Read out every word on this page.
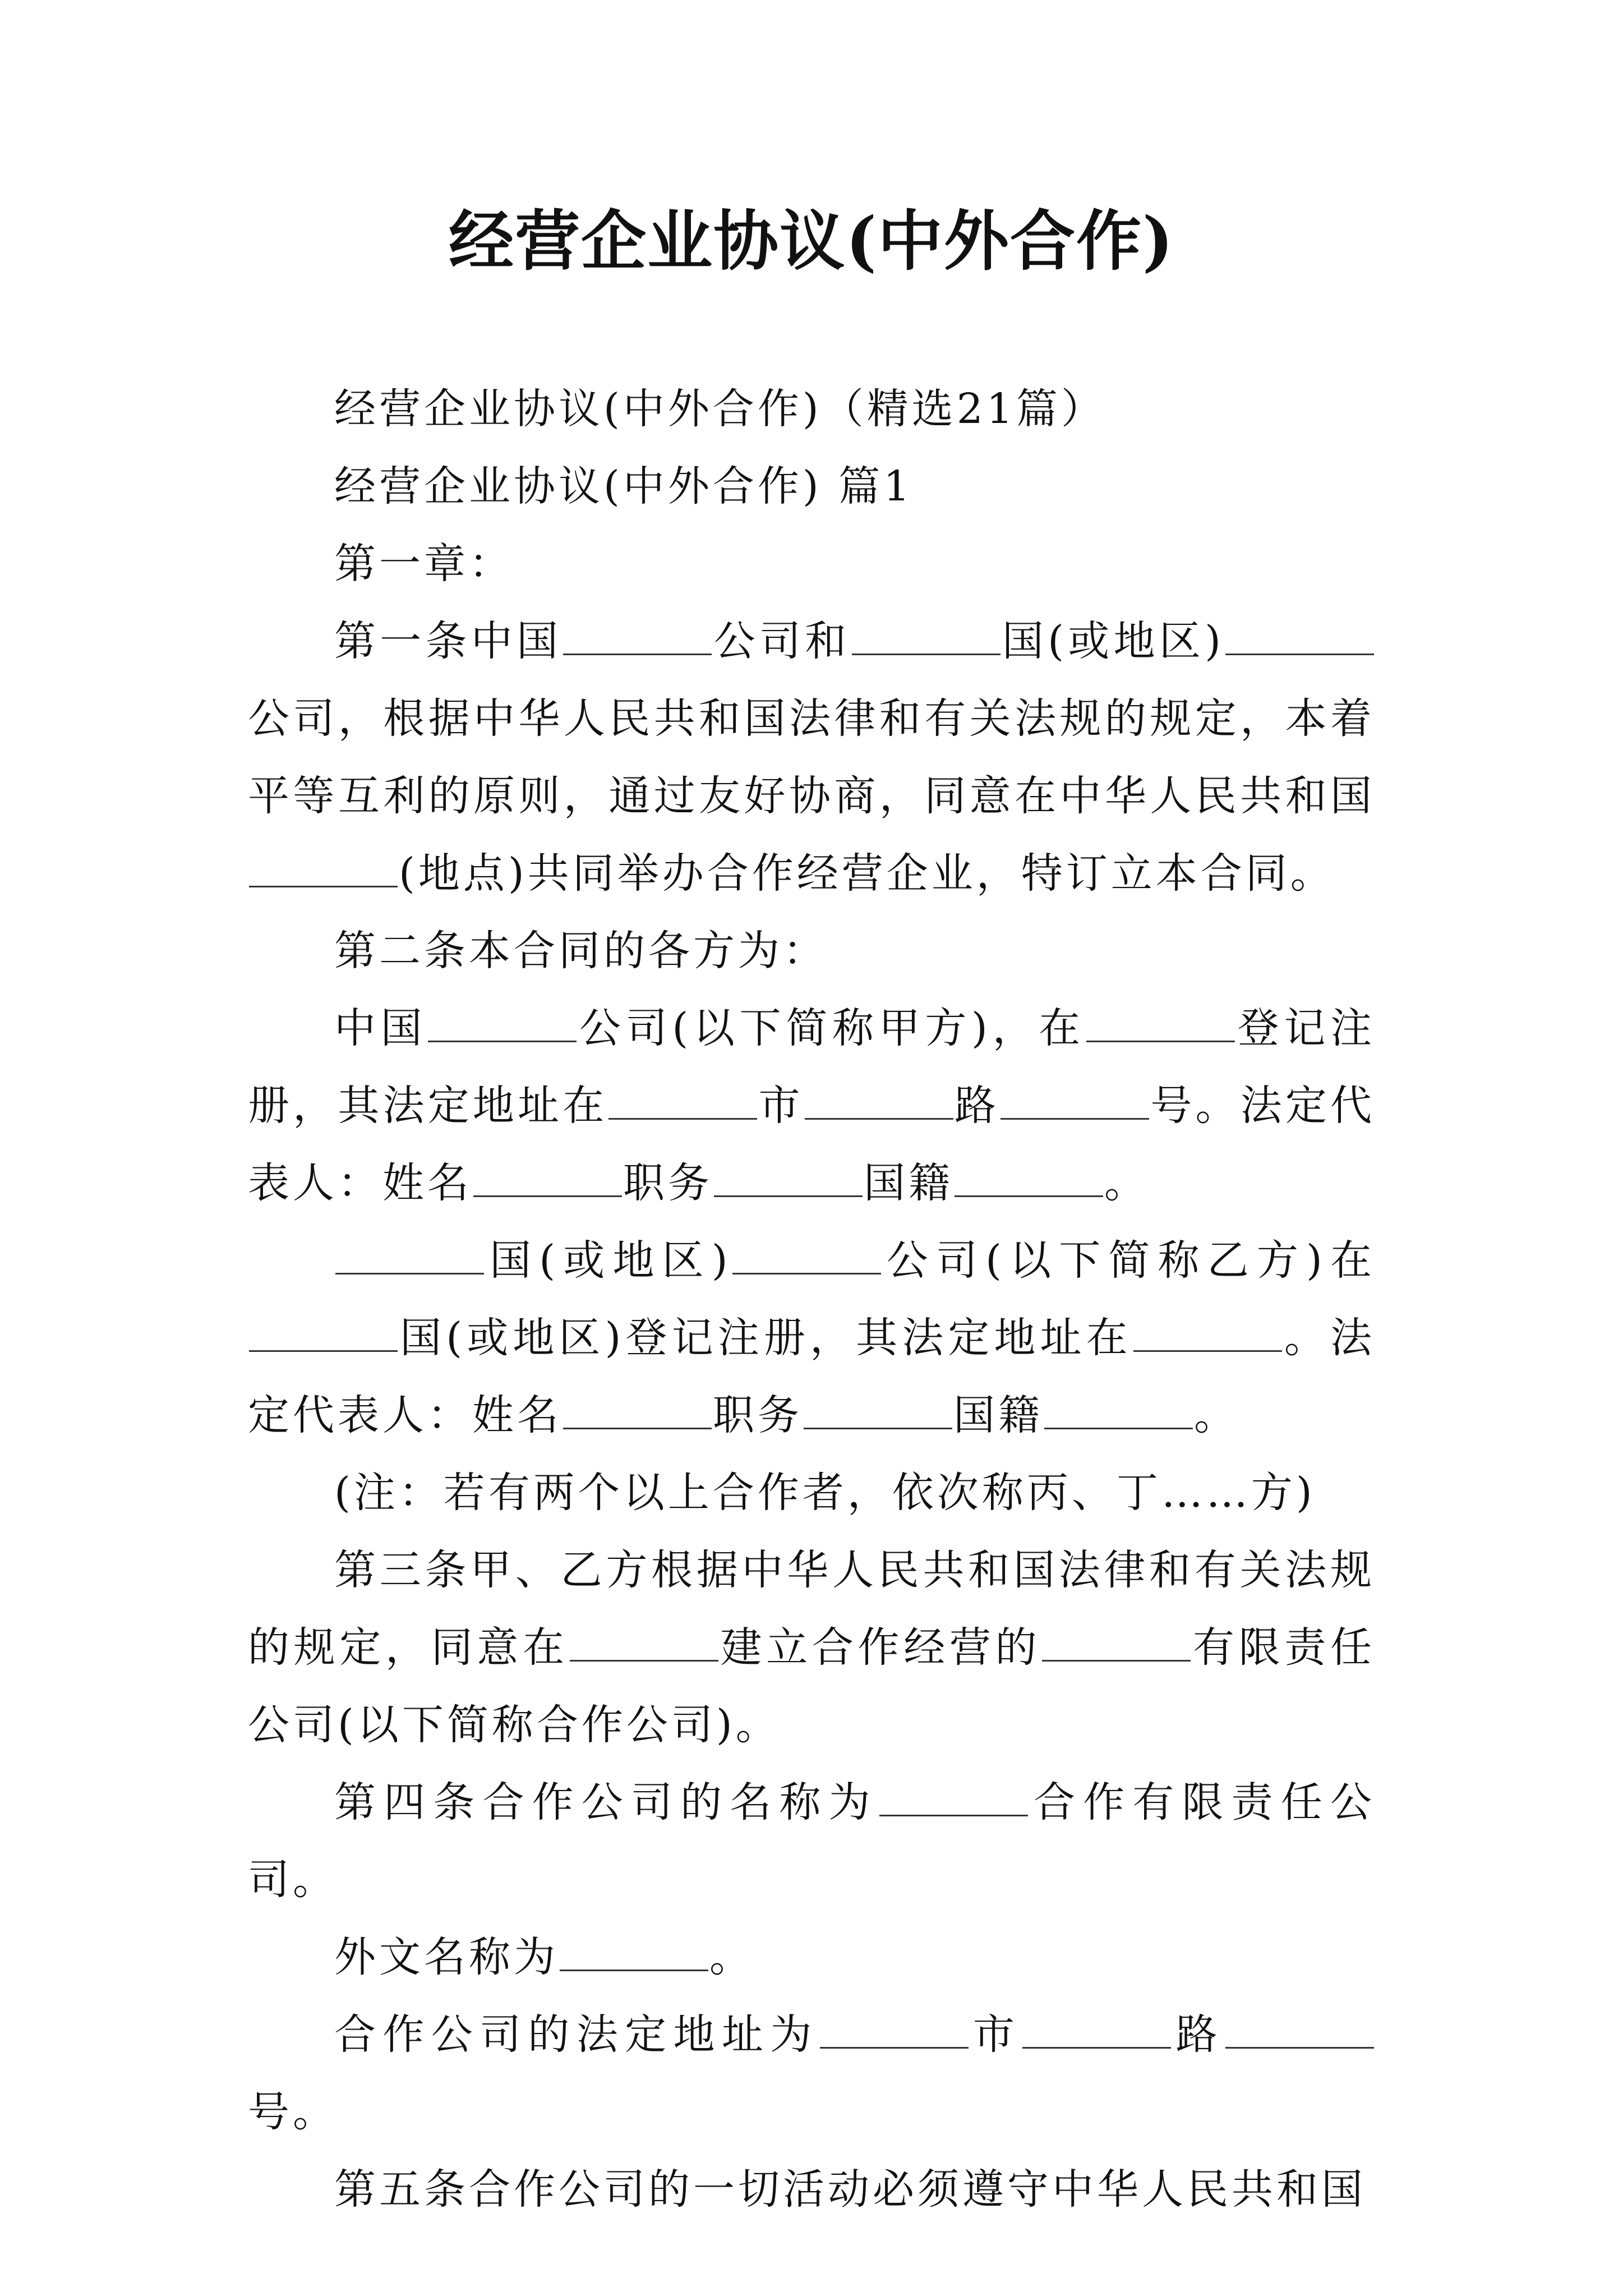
经营企业协议(中外合作)

经营企业协议(中外合作)（精选21篇）

经营企业协议(中外合作) 篇1

第一章：

第一条中国	公司和	国(或地区)公司，根据中华人民共和国法律和有关法规的规定，本着平等互利的原则，通过友好协商，同意在中华人民共和国(地点)共同举办合作经营企业，特订立本合同。

第二条本合同的各方为：

中国	公司(以下简称甲方)，在	登记注册，其法定地址在	市	路	号。法定代表人：姓名	职务	国籍	。

国(或地区)	公司(以下简称乙方)在国(或地区)登记注册，其法定地址在	。法定代表人：姓名	职务	国籍	。

(注：若有两个以上合作者，依次称丙、丁……方)

第三条甲、乙方根据中华人民共和国法律和有关法规的规定，同意在	建立合作经营的	有限责任公司(以下简称合作公司)。

第四条合作公司的名称为	合作有限责任公司。

外文名称为	。

合作公司的法定地址为	市	路号。

第五条合作公司的一切活动必须遵守中华人民共和国
